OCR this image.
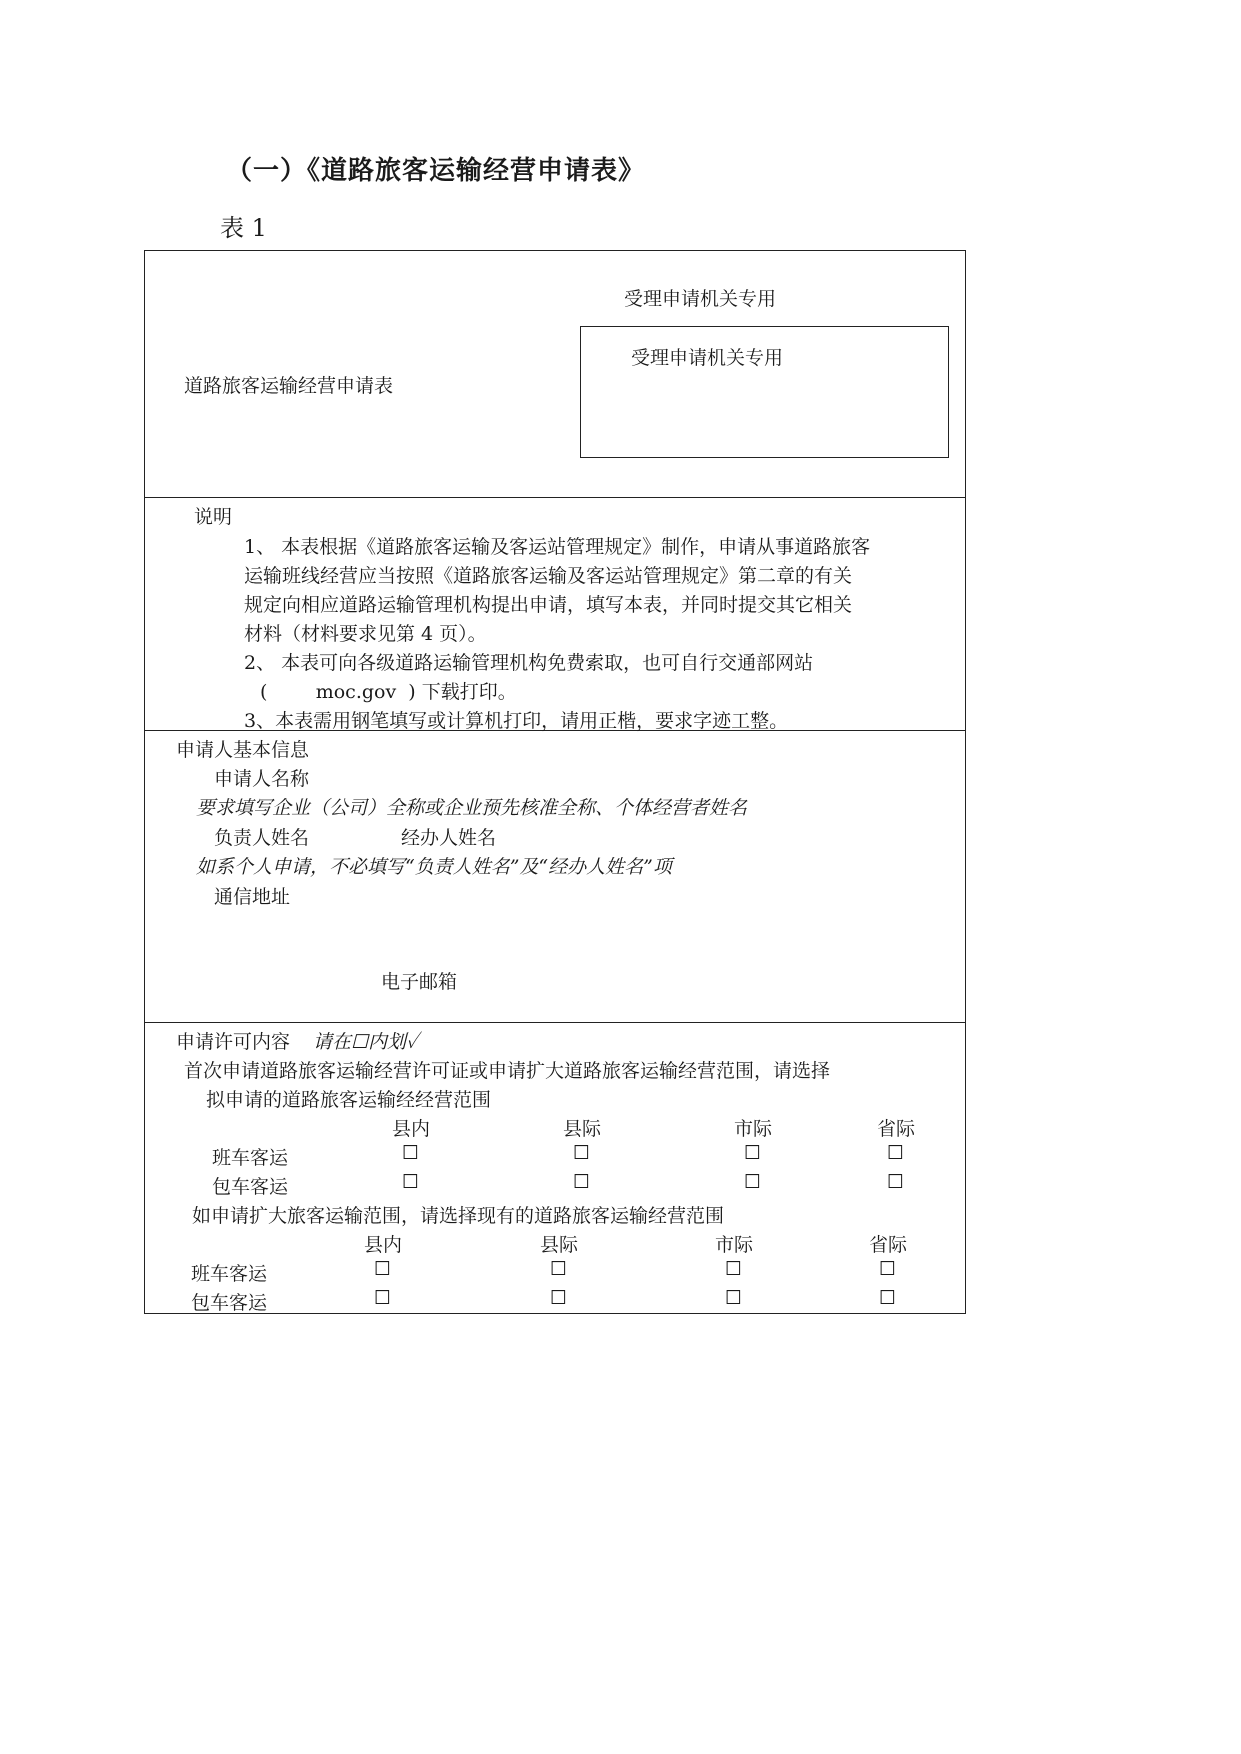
（一）《道路旅客运输经营申请表》
表 1
受理申请机关专用
受理申请机关专用
道路旅客运输经营申请表
说明
1、 本表根据《道路旅客运输及客运站管理规定》制作，申请从事道路旅客
运输班线经营应当按照《道路旅客运输及客运站管理规定》第二章的有关
规定向相应道路运输管理机构提出申请，填写本表，并同时提交其它相关
材料（材料要求见第 4 页）。
2、 本表可向各级道路运输管理机构免费索取，也可自行交通部网站
(        moc.gov  ) 下载打印。
3、本表需用钢笔填写或计算机打印，请用正楷，要求字迹工整。
申请人基本信息
申请人名称
要求填写企业（公司）全称或企业预先核准全称、个体经营者姓名
负责人姓名	经办人姓名
如系个人申请，不必填写“负责人姓名”及“经办人姓名”项
通信地址
电子邮箱
申请许可内容 请在☐内划✓
首次申请道路旅客运输经营许可证或申请扩大道路旅客运输经营范围，请选择
拟申请的道路旅客运输经经营范围
县内	县际	市际	省际
班车客运	☐	☐	☐	☐
包车客运	☐	☐	☐	☐
如申请扩大旅客运输范围，请选择现有的道路旅客运输经营范围
县内	县际	市际	省际
班车客运	☐	☐	☐	☐
包车客运	☐	☐	☐	☐
